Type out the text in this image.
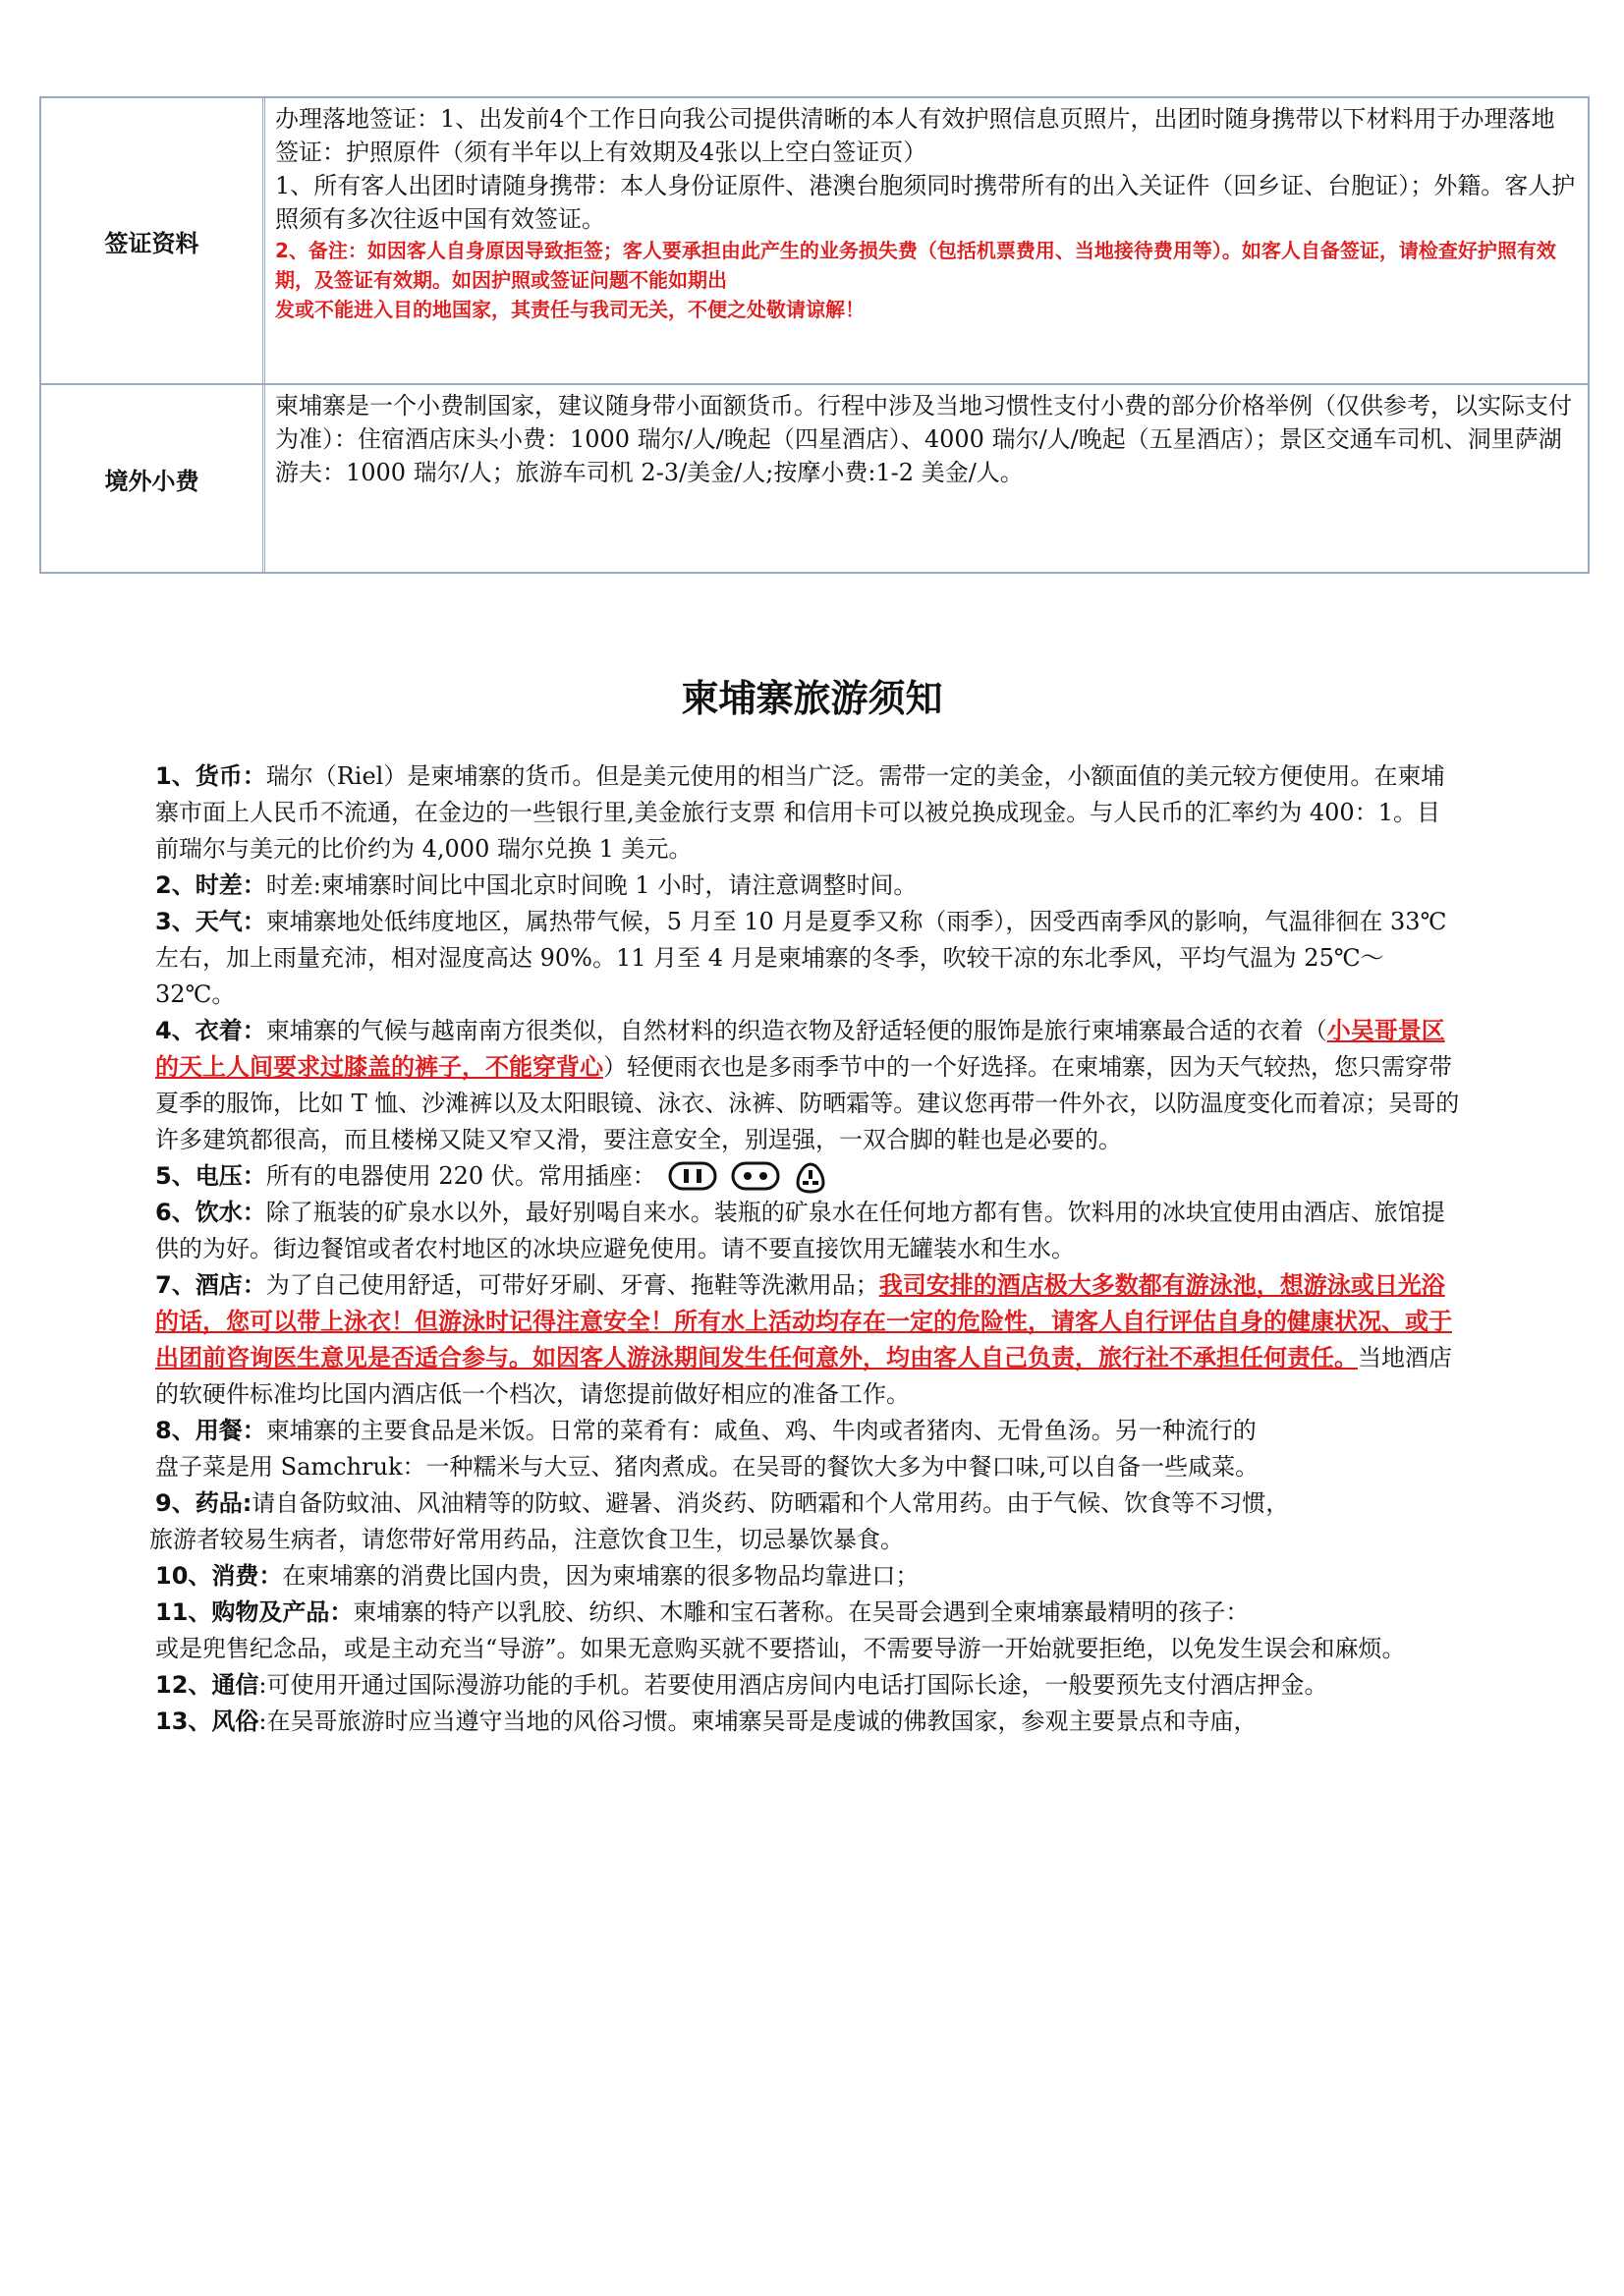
签证资料

办理落地签证：1、出发前4个工作日向我公司提供清晰的本人有效护照信息页照片，出团时随身携带以下材料用于办理落地签证：护照原件（须有半年以上有效期及4张以上空白签证页）

1、所有客人出团时请随身携带：本人身份证原件、港澳台胞须同时携带所有的出入关证件（回乡证、台胞证）；外籍。客人护照须有多次往返中国有效签证。

2、备注：如因客人自身原因导致拒签；客人要承担由此产生的业务损失费（包括机票费用、当地接待费用等）。如客人自备签证，请检查好护照有效期，及签证有效期。如因护照或签证问题不能如期出

发或不能进入目的地国家，其责任与我司无关，不便之处敬请谅解！

境外小费

柬埔寨是一个小费制国家，建议随身带小面额货币。行程中涉及当地习惯性支付小费的部分价格举例（仅供参考，以实际支付为准）：住宿酒店床头小费：1000 瑞尔/人/晚起（四星酒店）、4000 瑞尔/人/晚起（五星酒店）；景区交通车司机、洞里萨湖游夫：1000 瑞尔/人；旅游车司机 2-3/美金/人;按摩小费:1-2 美金/人。

柬埔寨旅游须知

1、货币：瑞尔（Riel）是柬埔寨的货币。但是美元使用的相当广泛。需带一定的美金，小额面值的美元较方便使用。在柬埔寨市面上人民币不流通，在金边的一些银行里,美金旅行支票 和信用卡可以被兑换成现金。与人民币的汇率约为 400：1。目前瑞尔与美元的比价约为 4,000 瑞尔兑换 1 美元。

2、时差：时差:柬埔寨时间比中国北京时间晚 1 小时，请注意调整时间。

3、天气：柬埔寨地处低纬度地区，属热带气候，5 月至 10 月是夏季又称（雨季），因受西南季风的影响，气温徘徊在 33℃ 左右，加上雨量充沛，相对湿度高达 90%。11 月至 4 月是柬埔寨的冬季，吹较干凉的东北季风，平均气温为 25℃～32℃。

4、衣着：柬埔寨的气候与越南南方很类似，自然材料的织造衣物及舒适轻便的服饰是旅行柬埔寨最合适的衣着（小吴哥景区的天上人间要求过膝盖的裤子，不能穿背心）轻便雨衣也是多雨季节中的一个好选择。在柬埔寨，因为天气较热，您只需穿带夏季的服饰，比如 T 恤、沙滩裤以及太阳眼镜、泳衣、泳裤、防晒霜等。建议您再带一件外衣，以防温度变化而着凉；吴哥的许多建筑都很高，而且楼梯又陡又窄又滑，要注意安全，别逞强，一双合脚的鞋也是必要的。

5、电压：所有的电器使用 220 伏。常用插座：

6、饮水：除了瓶装的矿泉水以外，最好别喝自来水。装瓶的矿泉水在任何地方都有售。饮料用的冰块宜使用由酒店、旅馆提供的为好。街边餐馆或者农村地区的冰块应避免使用。请不要直接饮用无罐装水和生水。

7、酒店：为了自己使用舒适，可带好牙刷、牙膏、拖鞋等洗漱用品；我司安排的酒店极大多数都有游泳池，想游泳或日光浴的话，您可以带上泳衣！但游泳时记得注意安全！所有水上活动均存在一定的危险性，请客人自行评估自身的健康状况、或于出团前咨询医生意见是否适合参与。如因客人游泳期间发生任何意外，均由客人自己负责，旅行社不承担任何责任。当地酒店的软硬件标准均比国内酒店低一个档次，请您提前做好相应的准备工作。

8、用餐：柬埔寨的主要食品是米饭。日常的菜肴有：咸鱼、鸡、牛肉或者猪肉、无骨鱼汤。另一种流行的

盘子菜是用 Samchruk：一种糯米与大豆、猪肉煮成。在吴哥的餐饮大多为中餐口味,可以自备一些咸菜。

9、药品:请自备防蚊油、风油精等的防蚊、避暑、消炎药、防晒霜和个人常用药。由于气候、饮食等不习惯，

旅游者较易生病者，请您带好常用药品，注意饮食卫生，切忌暴饮暴食。

10、消费：在柬埔寨的消费比国内贵，因为柬埔寨的很多物品均靠进口；

11、购物及产品：柬埔寨的特产以乳胶、纺织、木雕和宝石著称。在吴哥会遇到全柬埔寨最精明的孩子：

或是兜售纪念品，或是主动充当“导游”。如果无意购买就不要搭讪，不需要导游一开始就要拒绝，以免发生误会和麻烦。

12、通信:可使用开通过国际漫游功能的手机。若要使用酒店房间内电话打国际长途，一般要预先支付酒店押金。

13、风俗:在吴哥旅游时应当遵守当地的风俗习惯。柬埔寨吴哥是虔诚的佛教国家，参观主要景点和寺庙，
